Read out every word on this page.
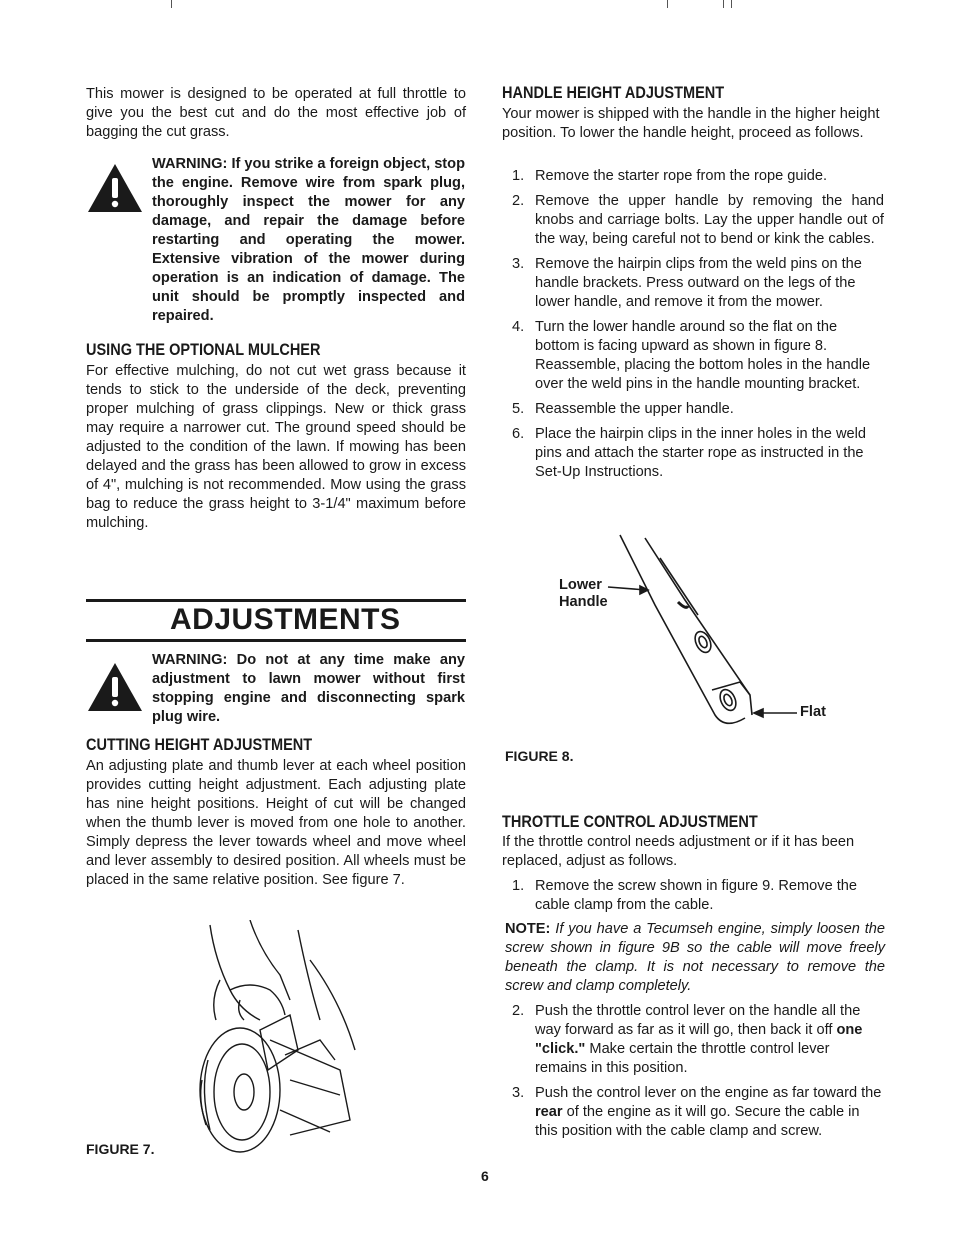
This mower is designed to be operated at full throttle to give you the best cut and do the most effective job of bagging the cut grass.

WARNING: If you strike a foreign object, stop the engine. Remove wire from spark plug, thoroughly inspect the mower for any damage, and repair the damage before restarting and operating the mower. Extensive vibration of the mower during operation is an indication of damage. The unit should be promptly inspected and repaired.
USING THE OPTIONAL MULCHER

For effective mulching, do not cut wet grass because it tends to stick to the underside of the deck, preventing proper mulching of grass clippings. New or thick grass may require a narrower cut. The ground speed should be adjusted to the condition of the lawn. If mowing has been delayed and the grass has been allowed to grow in excess of 4", mulching is not recommended. Mow using the grass bag to reduce the grass height to 3-1/4" maximum before mulching.

ADJUSTMENTS
WARNING: Do not at any time make any adjustment to lawn mower without first stopping engine and disconnecting spark plug wire.
CUTTING HEIGHT ADJUSTMENT

An adjusting plate and thumb lever at each wheel position provides cutting height adjustment. Each adjusting plate has nine height positions. Height of cut will be changed when the thumb lever is moved from one hole to another. Simply depress the lever towards wheel and move wheel and lever assembly to desired position. All wheels must be placed in the same relative position. See figure 7.

FIGURE 7.
HANDLE HEIGHT ADJUSTMENT

Your mower is shipped with the handle in the higher height position. To lower the handle height, proceed as follows.

1. Remove the starter rope from the rope guide.
2. Remove the upper handle by removing the hand knobs and carriage bolts. Lay the upper handle out of the way, being careful not to bend or kink the cables.
3. Remove the hairpin clips from the weld pins on the handle brackets. Press outward on the legs of the lower handle, and remove it from the mower.
4. Turn the lower handle around so the flat on the bottom is facing upward as shown in figure 8. Reassemble, placing the bottom holes in the handle over the weld pins in the handle mounting bracket.
5. Reassemble the upper handle.
6. Place the hairpin clips in the inner holes in the weld pins and attach the starter rope as instructed in the Set-Up Instructions.
Lower
Handle
Flat
FIGURE 8.
THROTTLE CONTROL ADJUSTMENT

If the throttle control needs adjustment or if it has been replaced, adjust as follows.

1. Remove the screw shown in figure 9. Remove the cable clamp from the cable.
NOTE: If you have a Tecumseh engine, simply loosen the screw shown in figure 9B so the cable will move freely beneath the clamp. It is not necessary to remove the screw and clamp completely.
2. Push the throttle control lever on the handle all the way forward as far as it will go, then back it off one "click." Make certain the throttle control lever remains in this position.
3. Push the control lever on the engine as far toward the rear of the engine as it will go. Secure the cable in this position with the cable clamp and screw.
6
